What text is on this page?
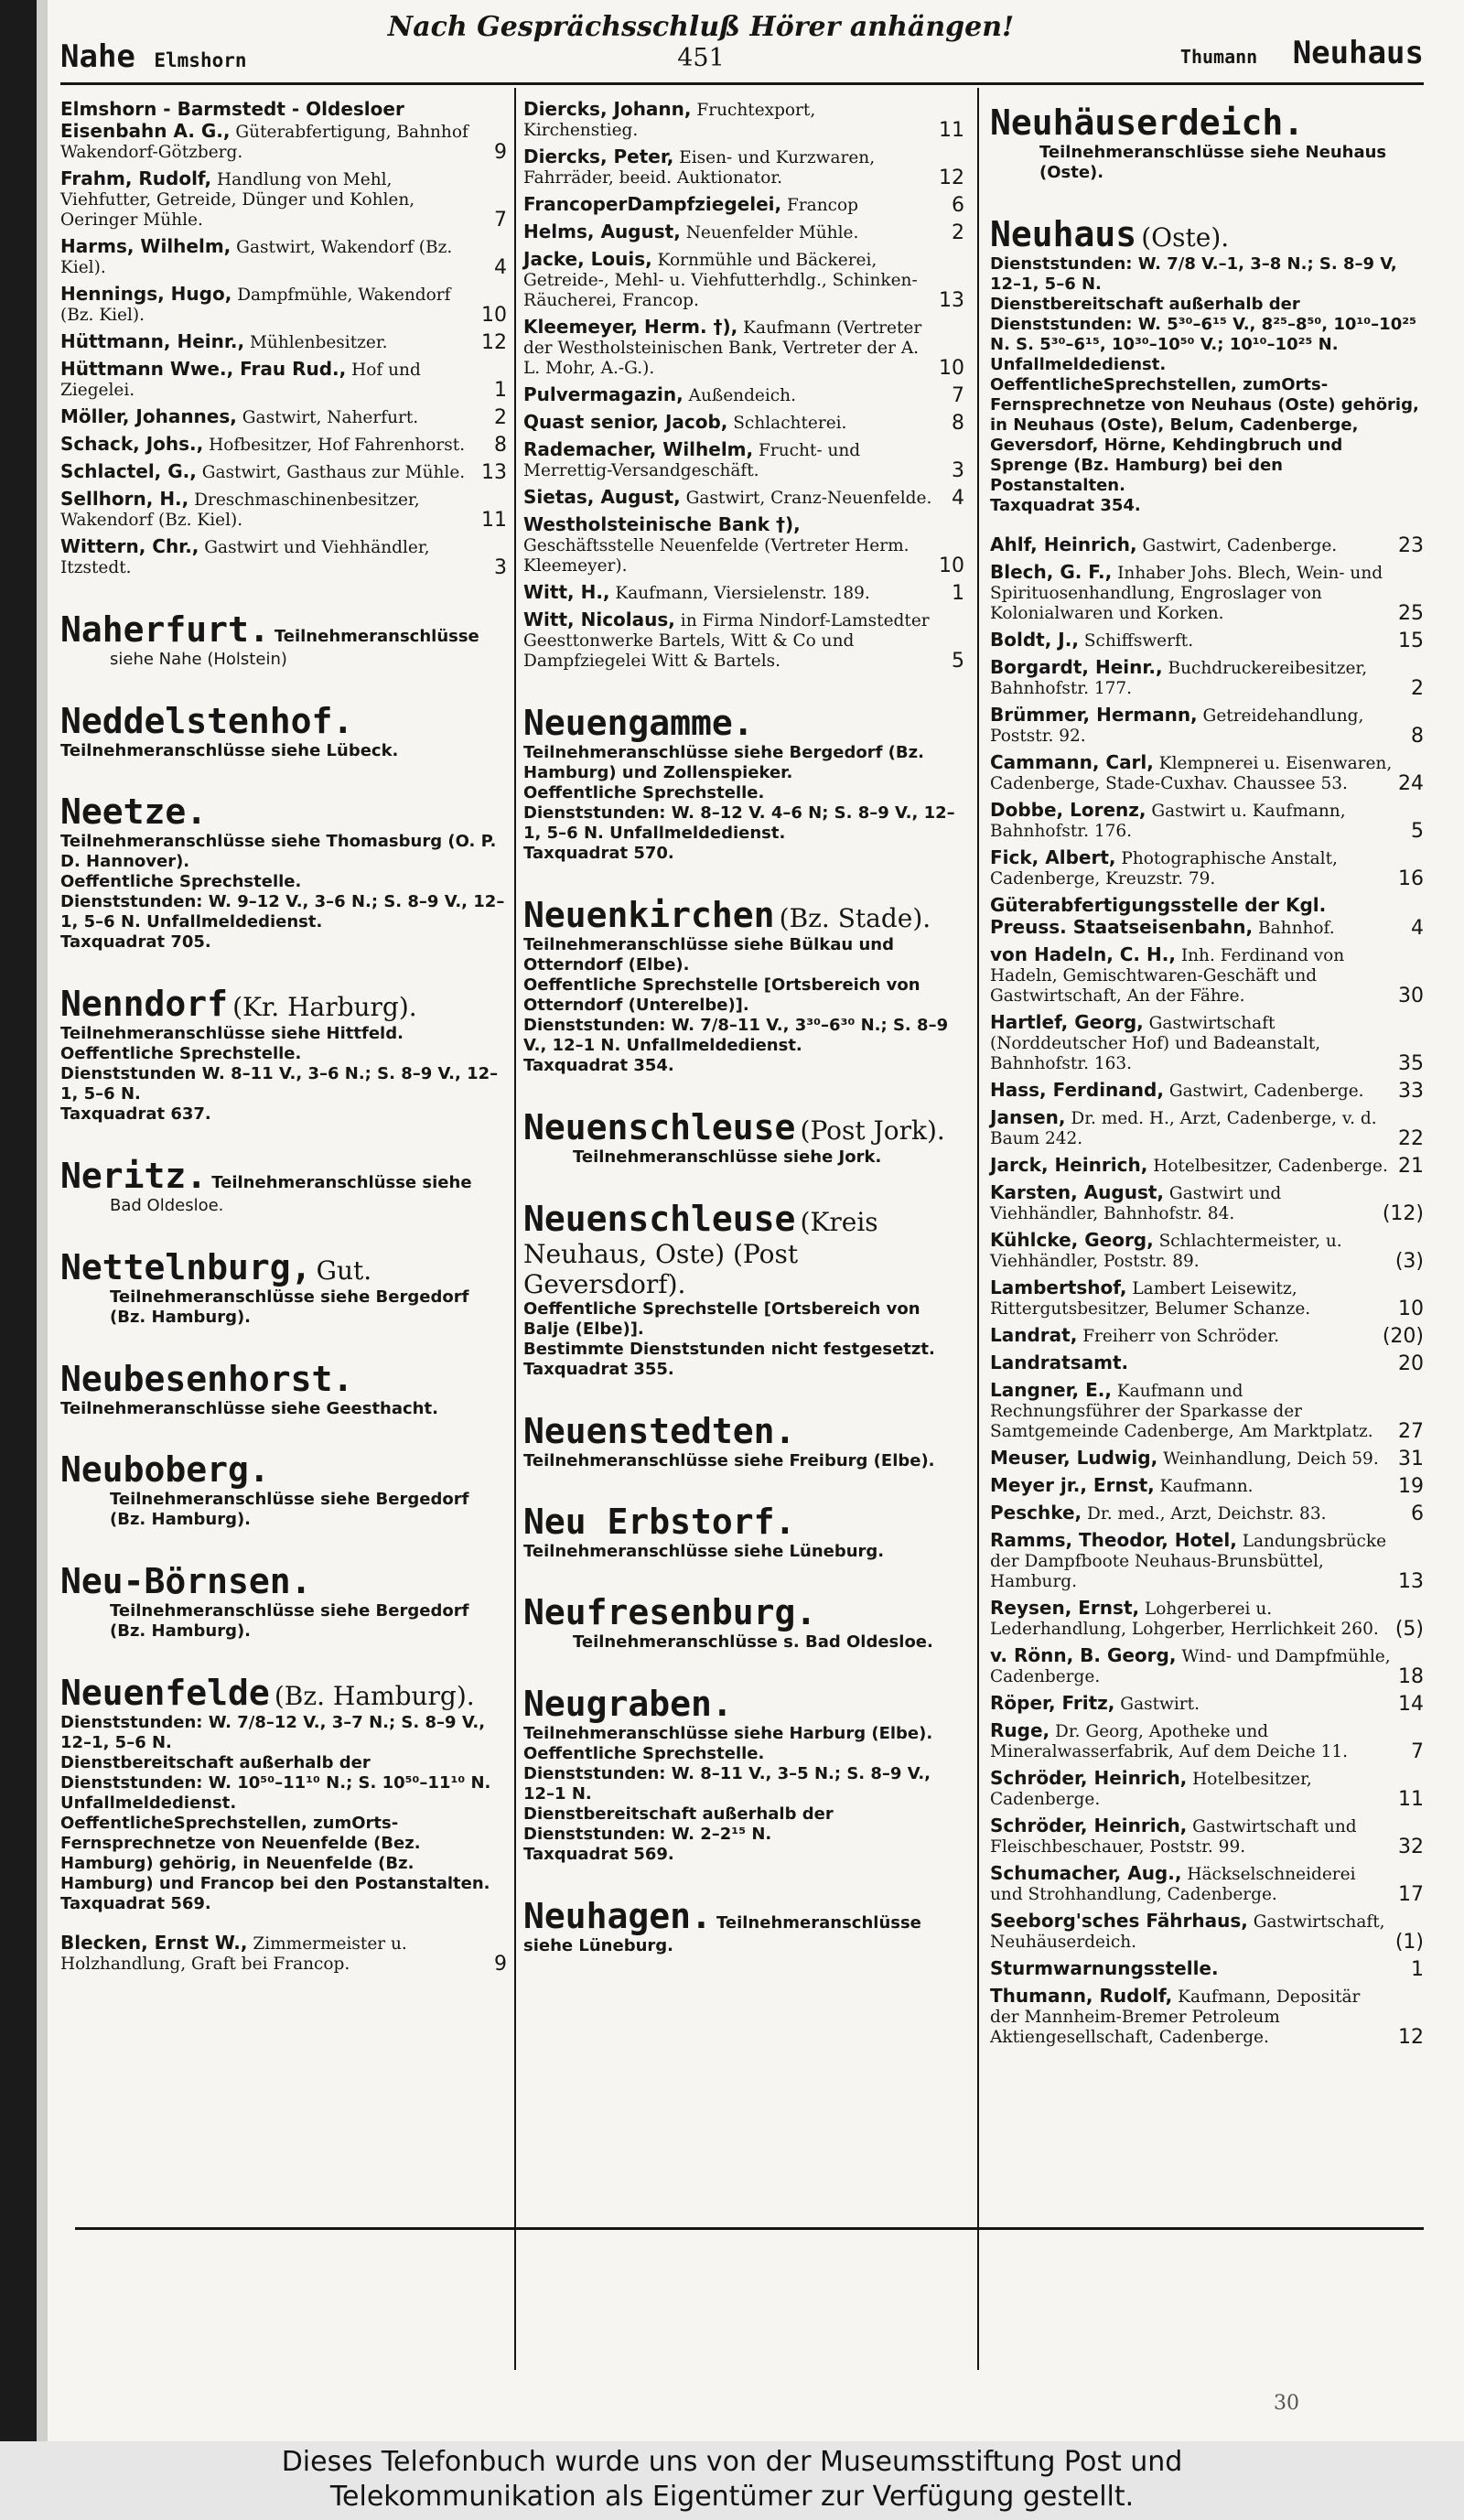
Nahe Elmshorn
Nach Gesprächsschluß Hörer anhängen!
451	Thumann Neuhaus
Elmshorn - Barmstedt - Oldesloer Eisenbahn A. G., Güterabfertigung, Bahnhof Wakendorf-Götzberg.	9
Frahm, Rudolf, Handlung von Mehl, Viehfutter, Getreide, Dünger und Kohlen, Oeringer Mühle.	7
Harms, Wilhelm, Gastwirt, Wakendorf (Bz. Kiel).	4
Hennings, Hugo, Dampfmühle, Wakendorf (Bz. Kiel).	10
Hüttmann, Heinr., Mühlenbesitzer.	12
Hüttmann Wwe., Frau Rud., Hof und Ziegelei.	1
Möller, Johannes, Gastwirt, Naherfurt.	2
Schack, Johs., Hofbesitzer, Hof Fahrenhorst. 8
Schlactel, G., Gastwirt, Gasthaus zur Mühle. 13
Sellhorn, H., Dreschmaschinenbesitzer, Wakendorf (Bz. Kiel).	11
Wittern, Chr., Gastwirt und Viehhändler, Itzstedt.	3
Naherfurt. Teilnehmeranschlüsse
siehe Nahe (Holstein)
Neddelstenhof. Teilnehmeranschlüsse siehe Lübeck.
Neetze.
Teilnehmeranschlüsse siehe Thomasburg (O. P. D. Hannover).
Oeffentliche Sprechstelle.
Dienststunden: W. 9–12 V., 3–6 N.; S. 8–9 V., 12–1, 5–6 N. Unfallmeldedienst.
Taxquadrat 705.
Nenndorf (Kr. Harburg).
Teilnehmeranschlüsse siehe Hittfeld.
Oeffentliche Sprechstelle.
Dienststunden W. 8–11 V., 3–6 N.; S. 8–9 V., 12–1, 5–6 N.
Taxquadrat 637.
Neritz. Teilnehmeranschlüsse siehe
Bad Oldesloe.
Nettelnburg, Gut.
Teilnehmeranschlüsse siehe Bergedorf (Bz. Hamburg).
Neubesenhorst. Teilnehmeranschlüsse siehe Geesthacht.
Neuboberg.
Teilnehmeranschlüsse siehe Bergedorf (Bz. Hamburg).
Neu-Börnsen.
Teilnehmeranschlüsse siehe Bergedorf (Bz. Hamburg).
Neuenfelde (Bz. Hamburg).
Dienststunden: W. 7/8–12 V., 3–7 N.; S. 8–9 V., 12–1, 5–6 N.
Dienstbereitschaft außerhalb der Dienststunden: W. 10⁵⁰–11¹⁰ N.; S. 10⁵⁰–11¹⁰ N.
Unfallmeldedienst.
OeffentlicheSprechstellen, zumOrts-Fernsprechnetze von Neuenfelde (Bez. Hamburg) gehörig, in Neuenfelde (Bz. Hamburg) und Francop bei den Postanstalten.
Taxquadrat 569.
Blecken, Ernst W., Zimmermeister u. Holzhandlung, Graft bei Francop.	9
Diercks, Johann, Fruchtexport, Kirchenstieg.	11
Diercks, Peter, Eisen- und Kurzwaren, Fahrräder, beeid. Auktionator.	12
FrancoperDampfziegelei, Francop	6
Helms, August, Neuenfelder Mühle.	2
Jacke, Louis, Kornmühle und Bäckerei, Getreide-, Mehl- u. Viehfutterhdlg., Schinken-Räucherei, Francop.	13
Kleemeyer, Herm. †), Kaufmann (Vertreter der Westholsteinischen Bank, Vertreter der A. L. Mohr, A.-G.).	10
Pulvermagazin, Außendeich.	7
Quast senior, Jacob, Schlachterei.	8
Rademacher, Wilhelm, Frucht- und Merrettig-Versandgeschäft.	3
Sietas, August, Gastwirt, Cranz-Neuenfelde. 4
Westholsteinische Bank †), Geschäftsstelle Neuenfelde (Vertreter Herm. Kleemeyer).	10
Witt, H., Kaufmann, Viersielenstr. 189.	1
Witt, Nicolaus, in Firma Nindorf-Lamstedter Geesttonwerke Bartels, Witt & Co und Dampfziegelei Witt & Bartels.	5
Neuengamme.
Teilnehmeranschlüsse siehe Bergedorf (Bz. Hamburg) und Zollenspieker.
Oeffentliche Sprechstelle.
Dienststunden: W. 8–12 V. 4–6 N; S. 8–9 V., 12–1, 5–6 N. Unfallmeldedienst.
Taxquadrat 570.
Neuenkirchen (Bz. Stade).
Teilnehmeranschlüsse siehe Bülkau und Otterndorf (Elbe).
Oeffentliche Sprechstelle [Ortsbereich von Otterndorf (Unterelbe)].
Dienststunden: W. 7/8–11 V., 3³⁰–6³⁰ N.; S. 8–9 V., 12–1 N. Unfallmeldedienst.
Taxquadrat 354.
Neuenschleuse (Post Jork).
Teilnehmeranschlüsse siehe Jork.
Neuenschleuse (Kreis Neuhaus, Oste) (Post Geversdorf).
Oeffentliche Sprechstelle [Ortsbereich von Balje (Elbe)].
Bestimmte Dienststunden nicht festgesetzt.
Taxquadrat 355.
Neuenstedten. Teilnehmeranschlüsse siehe Freiburg (Elbe).
Neu Erbstorf. Teilnehmeranschlüsse siehe Lüneburg.
Neufresenburg.
Teilnehmeranschlüsse s. Bad Oldesloe.
Neugraben.
Teilnehmeranschlüsse siehe Harburg (Elbe).
Oeffentliche Sprechstelle.
Dienststunden: W. 8–11 V., 3–5 N.; S. 8–9 V., 12–1 N.
Dienstbereitschaft außerhalb der Dienststunden: W. 2–2¹⁵ N.
Taxquadrat 569.
Neuhagen. Teilnehmeranschlüsse siehe Lüneburg.
Neuhäuserdeich.
Teilnehmeranschlüsse siehe Neuhaus (Oste).
Neuhaus (Oste).
Dienststunden: W. 7/8 V.–1, 3–8 N.; S. 8–9 V, 12–1, 5–6 N.
Dienstbereitschaft außerhalb der Dienststunden: W. 5³⁰–6¹⁵ V., 8²⁵–8⁵⁰, 10¹⁰–10²⁵ N. S. 5³⁰–6¹⁵, 10³⁰–10⁵⁰ V.; 10¹⁰–10²⁵ N.
Unfallmeldedienst.
OeffentlicheSprechstellen, zumOrts-Fernsprechnetze von Neuhaus (Oste) gehörig, in Neuhaus (Oste), Belum, Cadenberge, Geversdorf, Hörne, Kehdingbruch und Sprenge (Bz. Hamburg) bei den Postanstalten.
Taxquadrat 354.
Ahlf, Heinrich, Gastwirt, Cadenberge.	23
Blech, G. F., Inhaber Johs. Blech, Wein- und Spirituosenhandlung, Engroslager von Kolonialwaren und Korken.	25
Boldt, J., Schiffswerft.	15
Borgardt, Heinr., Buchdruckereibesitzer, Bahnhofstr. 177.	2
Brümmer, Hermann, Getreidehandlung, Poststr. 92.	8
Cammann, Carl, Klempnerei u. Eisenwaren, Cadenberge, Stade-Cuxhav. Chaussee 53.	24
Dobbe, Lorenz, Gastwirt u. Kaufmann, Bahnhofstr. 176.	5
Fick, Albert, Photographische Anstalt, Cadenberge, Kreuzstr. 79.	16
Güterabfertigungsstelle der Kgl. Preuss. Staatseisenbahn, Bahnhof.	4
von Hadeln, C. H., Inh. Ferdinand von Hadeln, Gemischtwaren-Geschäft und Gastwirtschaft, An der Fähre.	30
Hartlef, Georg, Gastwirtschaft (Norddeutscher Hof) und Badeanstalt, Bahnhofstr. 163.	35
Hass, Ferdinand, Gastwirt, Cadenberge. 33
Jansen, Dr. med. H., Arzt, Cadenberge, v. d. Baum 242.	22
Jarck, Heinrich, Hotelbesitzer, Cadenberge. 21
Karsten, August, Gastwirt und Viehhändler, Bahnhofstr. 84.	(12)
Kühlcke, Georg, Schlachtermeister, u. Viehhändler, Poststr. 89.	(3)
Lambertshof, Lambert Leisewitz, Rittergutsbesitzer, Belumer Schanze.	10
Landrat, Freiherr von Schröder.	(20)
Landratsamt.	20
Langner, E., Kaufmann und Rechnungsführer der Sparkasse der Samtgemeinde Cadenberge, Am Marktplatz. 27
Meuser, Ludwig, Weinhandlung, Deich 59. 31
Meyer jr., Ernst, Kaufmann.	19
Peschke, Dr. med., Arzt, Deichstr. 83.	6
Ramms, Theodor, Hotel, Landungsbrücke der Dampfboote Neuhaus-Brunsbüttel, Hamburg.	13
Reysen, Ernst, Lohgerberei u. Lederhandlung, Lohgerber, Herrlichkeit 260. (5)
v. Rönn, B. Georg, Wind- und Dampfmühle, Cadenberge.	18
Röper, Fritz, Gastwirt.	14
Ruge, Dr. Georg, Apotheke und Mineralwasserfabrik, Auf dem Deiche 11.	7
Schröder, Heinrich, Hotelbesitzer, Cadenberge.	11
Schröder, Heinrich, Gastwirtschaft und Fleischbeschauer, Poststr. 99.	32
Schumacher, Aug., Häckselschneiderei und Strohhandlung, Cadenberge.	17
Seeborg'sches Fährhaus, Gastwirtschaft, Neuhäuserdeich.	(1)
Sturmwarnungsstelle.	1
Thumann, Rudolf, Kaufmann, Depositär der Mannheim-Bremer Petroleum Aktiengesellschaft, Cadenberge.	12
30
Dieses Telefonbuch wurde uns von der Museumsstiftung Post und
Telekommunikation als Eigentümer zur Verfügung gestellt.
